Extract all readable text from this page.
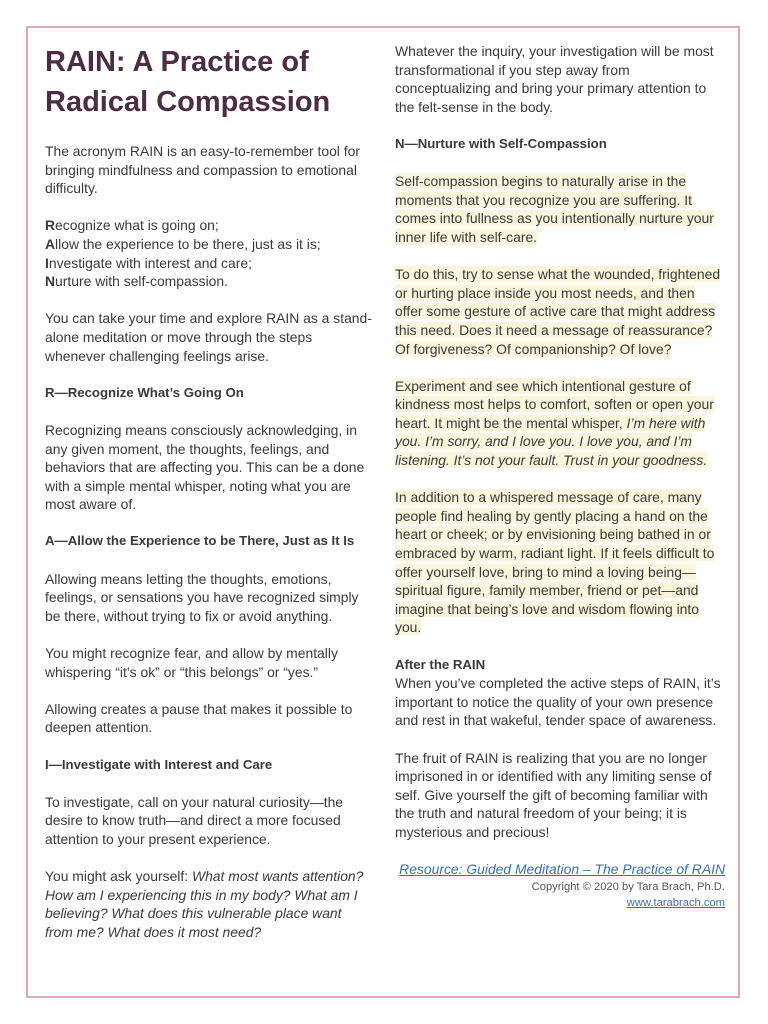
RAIN: A Practice of Radical Compassion

The acronym RAIN is an easy-to-remember tool for bringing mindfulness and compassion to emotional difficulty.

Recognize what is going on;

Allow the experience to be there, just as it is;

Investigate with interest and care;

Nurture with self-compassion.

You can take your time and explore RAIN as a stand-alone meditation or move through the steps whenever challenging feelings arise.

R—Recognize What’s Going On

Recognizing means consciously acknowledging, in any given moment, the thoughts, feelings, and behaviors that are affecting you. This can be a done with a simple mental whisper, noting what you are most aware of.

A—Allow the Experience to be There, Just as It Is

Allowing means letting the thoughts, emotions, feelings, or sensations you have recognized simply be there, without trying to fix or avoid anything.

You might recognize fear, and allow by mentally whispering “it’s ok” or “this belongs” or “yes.”

Allowing creates a pause that makes it possible to deepen attention.

I—Investigate with Interest and Care

To investigate, call on your natural curiosity—the desire to know truth—and direct a more focused attention to your present experience.

You might ask yourself: What most wants attention? How am I experiencing this in my body? What am I believing? What does this vulnerable place want from me? What does it most need?

Whatever the inquiry, your investigation will be most transformational if you step away from conceptualizing and bring your primary attention to the felt-sense in the body.

N—Nurture with Self-Compassion

Self-compassion begins to naturally arise in the moments that you recognize you are suffering. It comes into fullness as you intentionally nurture your inner life with self-care.

To do this, try to sense what the wounded, frightened or hurting place inside you most needs, and then offer some gesture of active care that might address this need. Does it need a message of reassurance? Of forgiveness? Of companionship? Of love?

Experiment and see which intentional gesture of kindness most helps to comfort, soften or open your heart. It might be the mental whisper, I’m here with you. I’m sorry, and I love you. I love you, and I’m listening. It’s not your fault. Trust in your goodness.

In addition to a whispered message of care, many people find healing by gently placing a hand on the heart or cheek; or by envisioning being bathed in or embraced by warm, radiant light. If it feels difficult to offer yourself love, bring to mind a loving being—spiritual figure, family member, friend or pet—and imagine that being’s love and wisdom flowing into you.

After the RAIN

When you’ve completed the active steps of RAIN, it’s important to notice the quality of your own presence and rest in that wakeful, tender space of awareness.

The fruit of RAIN is realizing that you are no longer imprisoned in or identified with any limiting sense of self. Give yourself the gift of becoming familiar with the truth and natural freedom of your being; it is mysterious and precious!

Resource: Guided Meditation – The Practice of RAIN
Copyright © 2020 by Tara Brach, Ph.D.
www.tarabrach.com
